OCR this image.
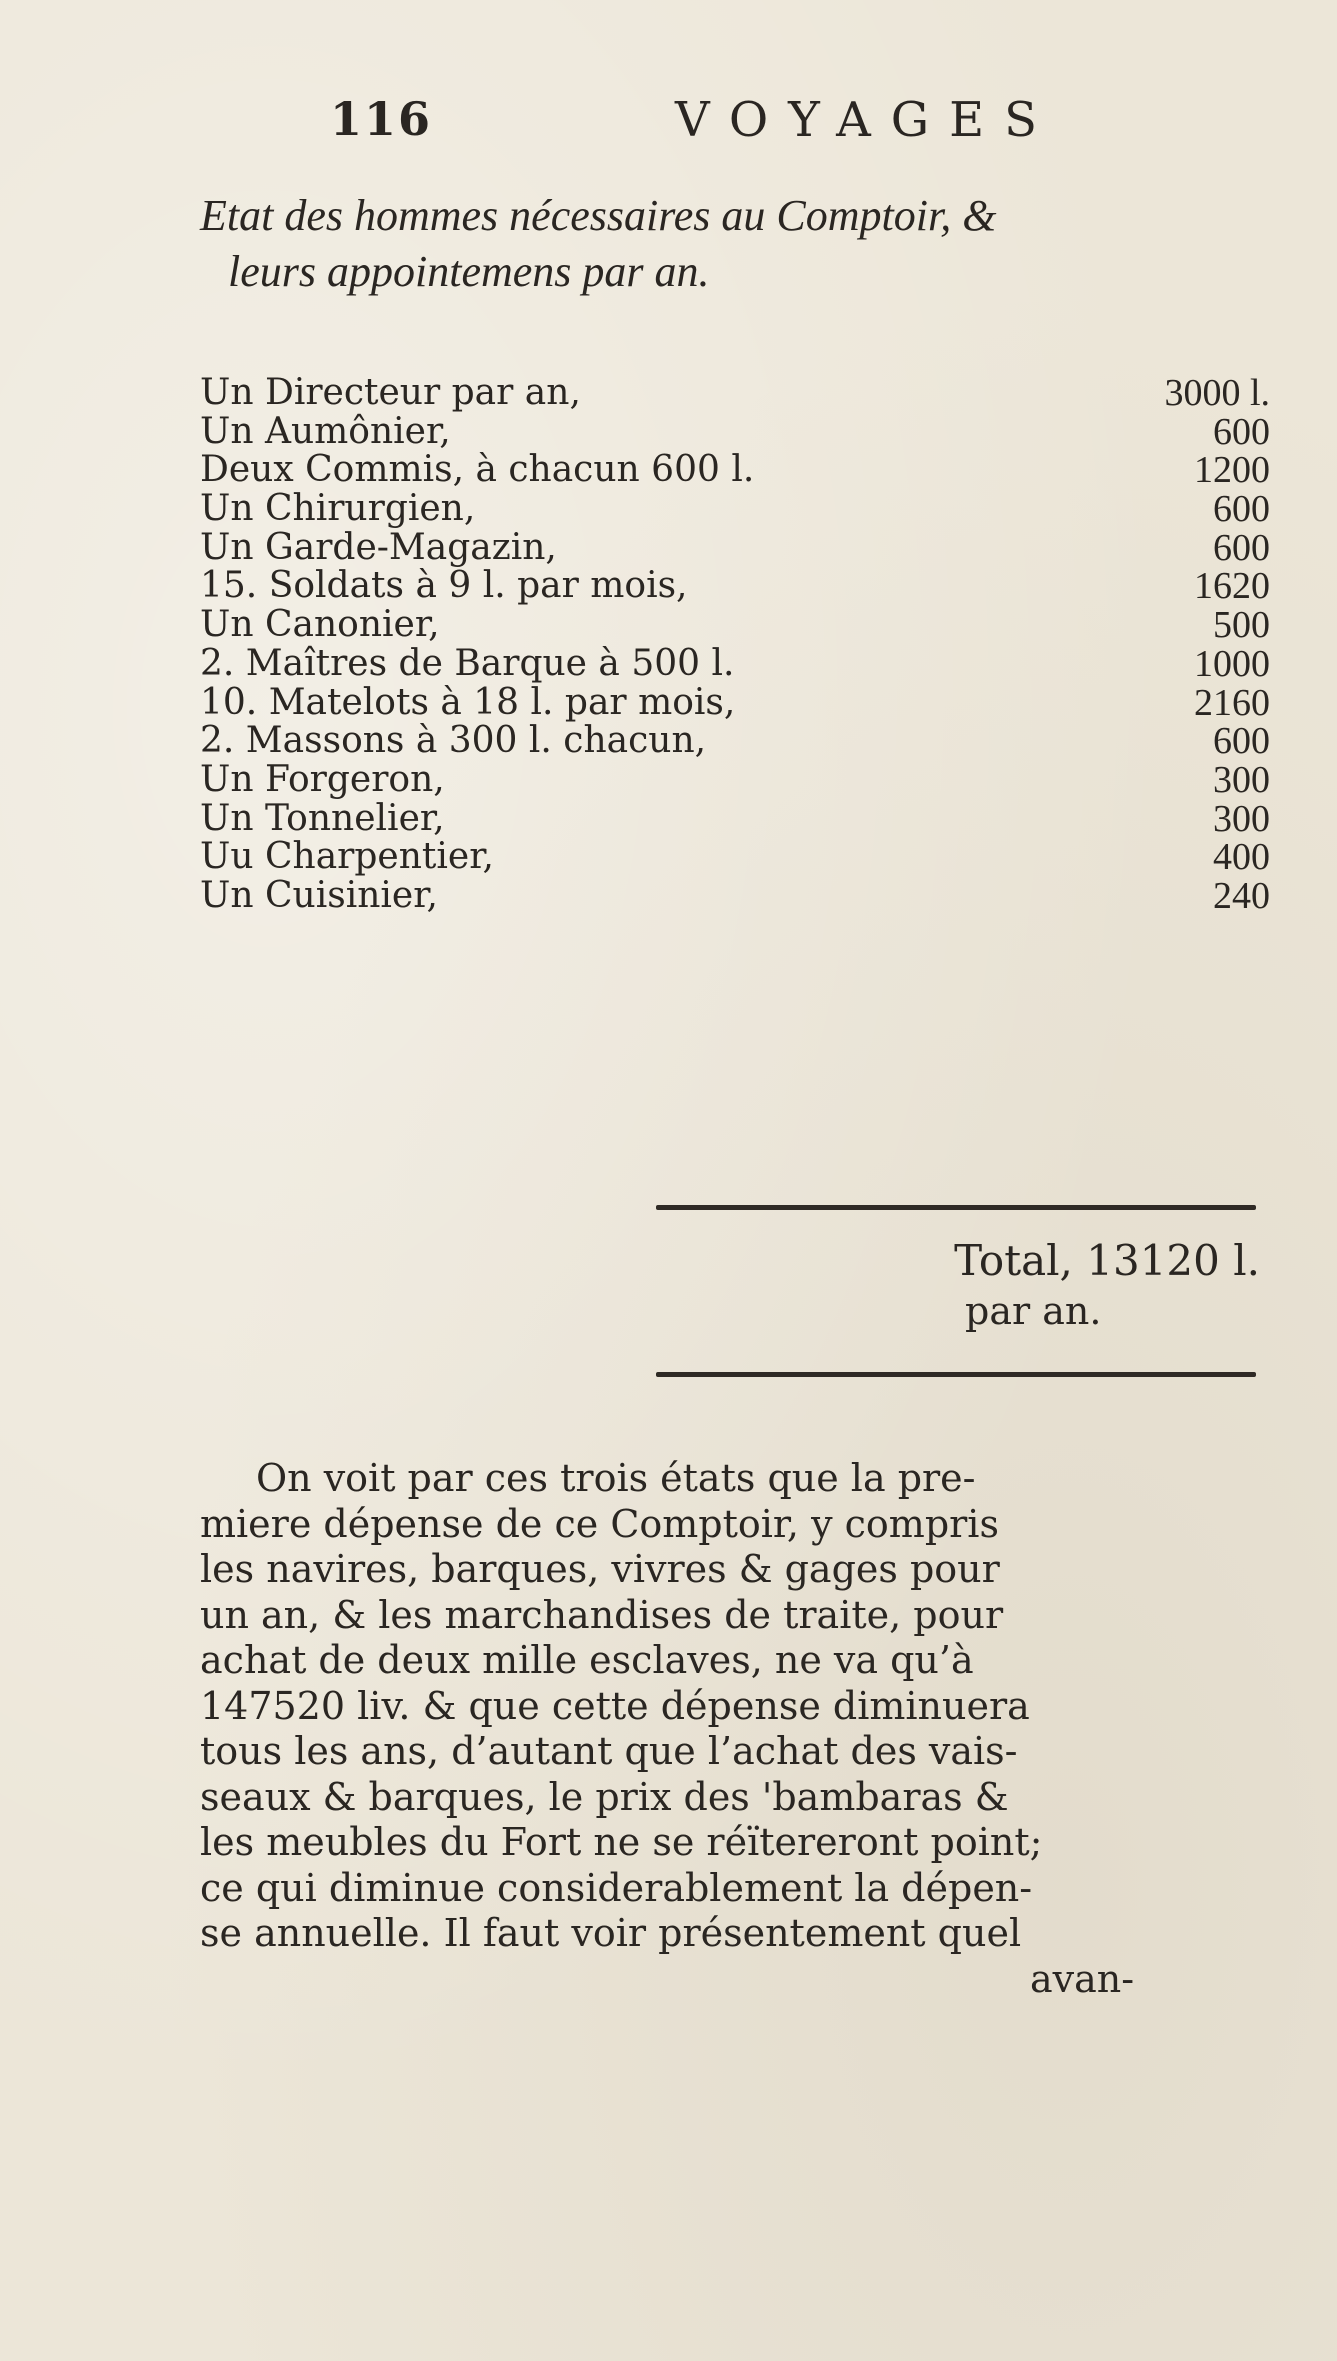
116	VOYAGES
Etat des hommes nécessaires au Comptoir, &
leurs appointemens par an.
Un Directeur par an,	3000 l.
Un Aumônier,	600
Deux Commis, à chacun 600 l.	1200
Un Chirurgien,	600
Un Garde-Magazin,	600
15. Soldats à 9 l. par mois,	1620
Un Canonier,	500
2. Maîtres de Barque à 500 l.	1000
10. Matelots à 18 l. par mois,	2160
2. Massons à 300 l. chacun,	600
Un Forgeron,	300
Un Tonnelier,	300
Uu Charpentier,	400
Un Cuisinier,	240
Total, 13120 l.
par an.
On voit par ces trois états que la pre-
miere dépense de ce Comptoir, y compris
les navires, barques, vivres & gages pour
un an, & les marchandises de traite, pour
achat de deux mille esclaves, ne va qu’à
147520 liv. & que cette dépense diminuera
tous les ans, d’autant que l’achat des vais-
seaux & barques, le prix des 'bambaras &
les meubles du Fort ne se réïtereront point;
ce qui diminue considerablement la dépen-
se annuelle. Il faut voir présentement quel
avan-
